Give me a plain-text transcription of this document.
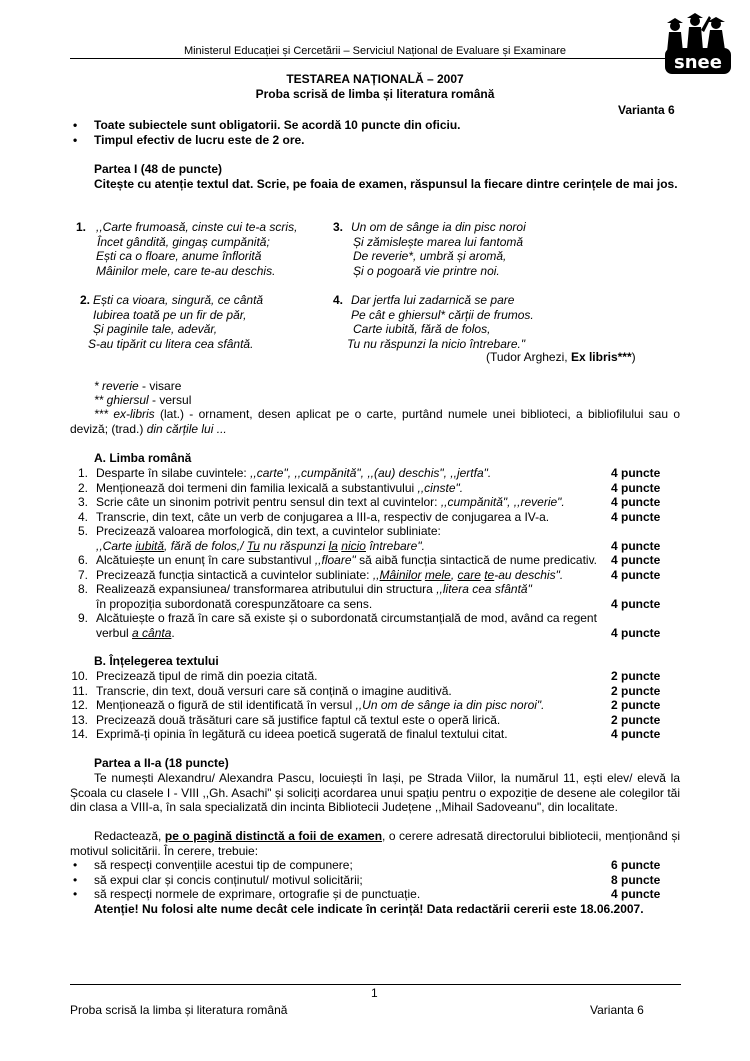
Ministerul Educației și Cercetării – Serviciul Național de Evaluare și Examinare
snee
TESTAREA NAȚIONALĂ – 2007
Proba scrisă de limba și literatura română
Varianta 6
• Toate subiectele sunt obligatorii. Se acordă 10 puncte din oficiu.
• Timpul efectiv de lucru este de 2 ore.
Partea I (48 de puncte)
Citește cu atenție textul dat. Scrie, pe foaia de examen, răspunsul la fiecare dintre cerințele de mai jos.
1. ,,Carte frumoasă, cinste cui te-a scris,
Încet gândită, gingaș cumpănită;
Ești ca o floare, anume înflorită
Mâinilor mele, care te-au deschis.
2. Ești ca vioara, singură, ce cântă
Iubirea toată pe un fir de păr,
Și paginile tale, adevăr,
S-au tipărit cu litera cea sfântă.
3. Un om de sânge ia din pisc noroi
Și zămislește marea lui fantomă
De reverie*, umbră și aromă,
Și o pogoară vie printre noi.
4. Dar jertfa lui zadarnică se pare
Pe cât e ghiersul* cărții de frumos.
Carte iubită, fără de folos,
Tu nu răspunzi la nicio întrebare."
(Tudor Arghezi, Ex libris***)
* reverie - visare
** ghiersul - versul
*** ex-libris (lat.) - ornament, desen aplicat pe o carte, purtând numele unei biblioteci, a bibliofilului sau o deviză; (trad.) din cărțile lui ...
A. Limba română
1. Desparte în silabe cuvintele: ,,carte", ,,cumpănită", ,,(au) deschis", ,,jertfa".	4 puncte
2. Menționează doi termeni din familia lexicală a substantivului ,,cinste".	4 puncte
3. Scrie câte un sinonim potrivit pentru sensul din text al cuvintelor: ,,cumpănită", ,,reverie".	4 puncte
4. Transcrie, din text, câte un verb de conjugarea a III-a, respectiv de conjugarea a IV-a.	4 puncte
5. Precizează valoarea morfologică, din text, a cuvintelor subliniate:
,,Carte iubită, fără de folos,/ Tu nu răspunzi la nicio întrebare".	4 puncte
6. Alcătuiește un enunț în care substantivul ,,floare" să aibă funcția sintactică de nume predicativ. 4 puncte
7. Precizează funcția sintactică a cuvintelor subliniate: ,,Mâinilor mele, care te-au deschis".	4 puncte
8. Realizează expansiunea/ transformarea atributului din structura ,,litera cea sfântă"
în propoziția subordonată corespunzătoare ca sens.	4 puncte
9. Alcătuiește o frază în care să existe și o subordonată circumstanțială de mod, având ca regent
verbul a cânta.	4 puncte
B. Înțelegerea textului
10. Precizează tipul de rimă din poezia citată.	2 puncte
11. Transcrie, din text, două versuri care să conțină o imagine auditivă.	2 puncte
12. Menționează o figură de stil identificată în versul ,,Un om de sânge ia din pisc noroi".	2 puncte
13. Precizează două trăsături care să justifice faptul că textul este o operă lirică.	2 puncte
14. Exprimă-ți opinia în legătură cu ideea poetică sugerată de finalul textului citat.	4 puncte
Partea a II-a (18 puncte)
Te numești Alexandru/ Alexandra Pascu, locuiești în Iași, pe Strada Viilor, la numărul 11, ești elev/ elevă la Școala cu clasele I - VIII ,,Gh. Asachi" și soliciți acordarea unui spațiu pentru o expoziție de desene ale colegilor tăi din clasa a VIII-a, în sala specializată din incinta Bibliotecii Județene ,,Mihail Sadoveanu", din localitate.
Redactează, pe o pagină distinctă a foii de examen, o cerere adresată directorului bibliotecii, menționând și motivul solicitării. În cerere, trebuie:
• să respecți convențiile acestui tip de compunere;	6 puncte
• să expui clar și concis conținutul/ motivul solicitării;	8 puncte
• să respecți normele de exprimare, ortografie și de punctuație.	4 puncte
Atenție! Nu folosi alte nume decât cele indicate în cerință! Data redactării cererii este 18.06.2007.
1
Proba scrisă la limba și literatura română	Varianta 6
